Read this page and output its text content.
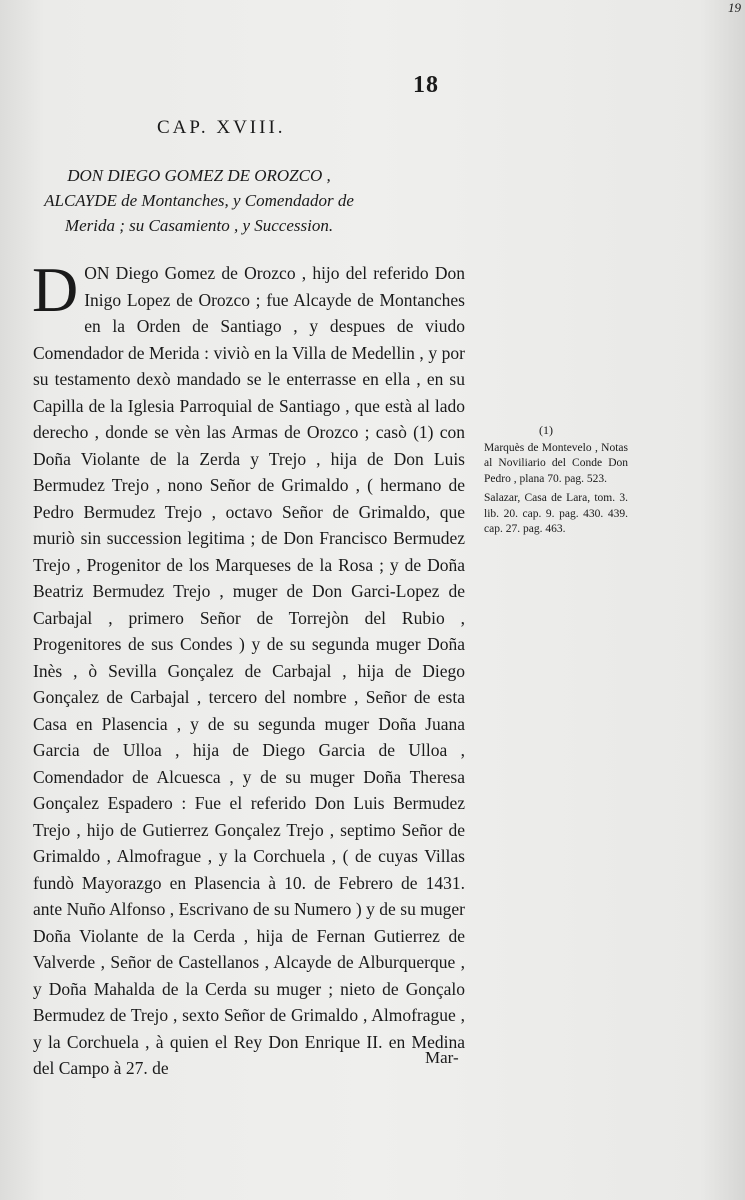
19
18
CAP. XVIII.
DON DIEGO GOMEZ DE OROZCO , ALCAYDE de Montanches, y Comendador de Merida ; su Casamiento , y Succession.
D ON Diego Gomez de Orozco , hijo del referido Don Inigo Lopez de Orozco ; fue Alcayde de Montanches en la Orden de Santiago , y despues de viudo Comendador de Merida : viviò en la Villa de Medellin , y por su testamento dexò mandado se le enterrasse en ella , en su Capilla de la Iglesia Parroquial de Santiago , que està al lado derecho , donde se vèn las Armas de Orozco ; casò (1) con Doña Violante de la Zerda y Trejo , hija de Don Luis Bermudez Trejo , nono Señor de Grimaldo , ( hermano de Pedro Bermudez Trejo , octavo Señor de Grimaldo, que muriò sin succession legitima ; de Don Francisco Bermudez Trejo , Progenitor de los Marqueses de la Rosa ; y de Doña Beatriz Bermudez Trejo , muger de Don Garci-Lopez de Carbajal , primero Señor de Torrejòn del Rubio , Progenitores de sus Condes ) y de su segunda muger Doña Inès , ò Sevilla Gonçalez de Carbajal , hija de Diego Gonçalez de Carbajal , tercero del nombre , Señor de esta Casa en Plasencia , y de su segunda muger Doña Juana Garcia de Ulloa , hija de Diego Garcia de Ulloa , Comendador de Alcuesca , y de su muger Doña Theresa Gonçalez Espadero : Fue el referido Don Luis Bermudez Trejo , hijo de Gutierrez Gonçalez Trejo , septimo Señor de Grimaldo , Almofrague , y la Corchuela , ( de cuyas Villas fundò Mayorazgo en Plasencia à 10. de Febrero de 1431. ante Nuño Alfonso , Escrivano de su Numero ) y de su muger Doña Violante de la Cerda , hija de Fernan Gutierrez de Valverde , Señor de Castellanos , Alcayde de Alburquerque , y Doña Mahalda de la Cerda su muger ; nieto de Gonçalo Bermudez de Trejo , sexto Señor de Grimaldo , Almofrague , y la Corchuela , à quien el Rey Don Enrique II. en Medina del Campo à 27. de
Mar-
(1)

Marquès de Montevelo , Notas al Noviliario del Conde Don Pedro , plana 70. pag. 523.

Salazar, Casa de Lara, tom. 3. lib. 20. cap. 9. pag. 430. 439. cap. 27. pag. 463.
